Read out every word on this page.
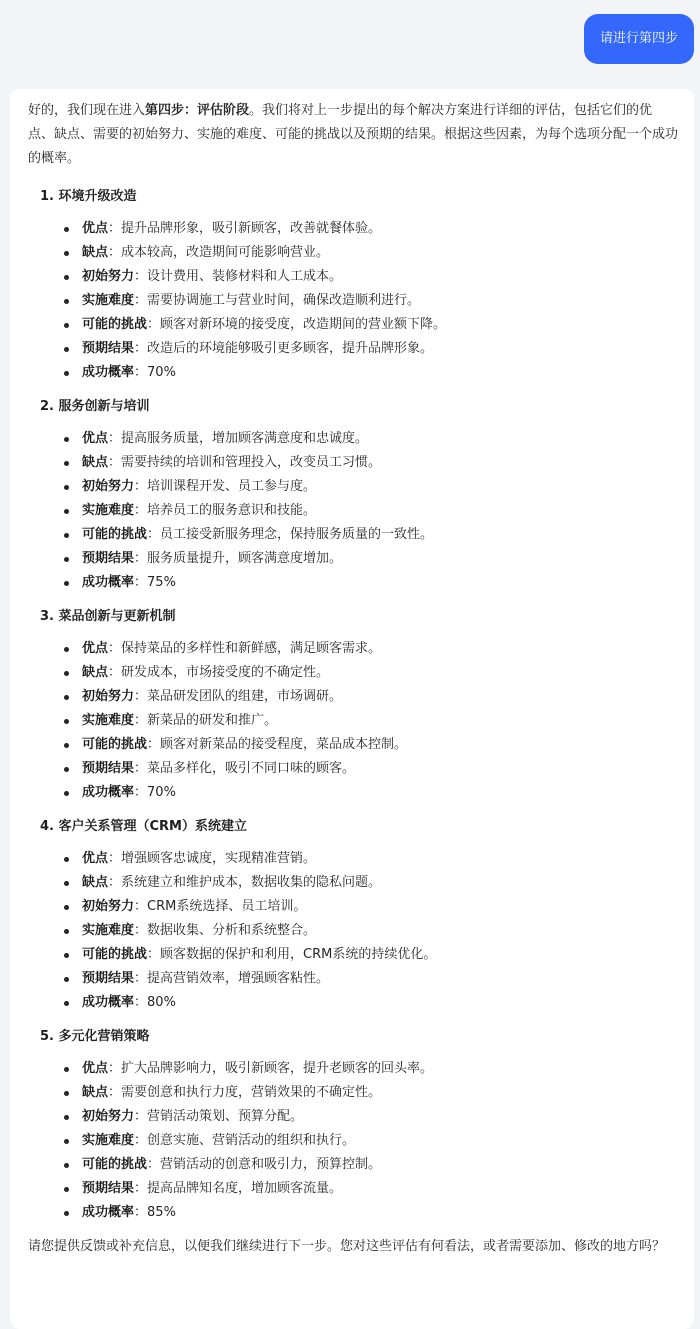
请进行第四步

好的，我们现在进入第四步：评估阶段。我们将对上一步提出的每个解决方案进行详细的评估，包括它们的优点、缺点、需要的初始努力、实施的难度、可能的挑战以及预期的结果。根据这些因素，为每个选项分配一个成功的概率。

1. 环境升级改造
优点：提升品牌形象，吸引新顾客，改善就餐体验。
缺点：成本较高，改造期间可能影响营业。
初始努力：设计费用、装修材料和人工成本。
实施难度：需要协调施工与营业时间，确保改造顺利进行。
可能的挑战：顾客对新环境的接受度，改造期间的营业额下降。
预期结果：改造后的环境能够吸引更多顾客，提升品牌形象。
成功概率：70%
2. 服务创新与培训
优点：提高服务质量，增加顾客满意度和忠诚度。
缺点：需要持续的培训和管理投入，改变员工习惯。
初始努力：培训课程开发、员工参与度。
实施难度：培养员工的服务意识和技能。
可能的挑战：员工接受新服务理念，保持服务质量的一致性。
预期结果：服务质量提升，顾客满意度增加。
成功概率：75%
3. 菜品创新与更新机制
优点：保持菜品的多样性和新鲜感，满足顾客需求。
缺点：研发成本，市场接受度的不确定性。
初始努力：菜品研发团队的组建，市场调研。
实施难度：新菜品的研发和推广。
可能的挑战：顾客对新菜品的接受程度，菜品成本控制。
预期结果：菜品多样化，吸引不同口味的顾客。
成功概率：70%
4. 客户关系管理（CRM）系统建立
优点：增强顾客忠诚度，实现精准营销。
缺点：系统建立和维护成本，数据收集的隐私问题。
初始努力：CRM系统选择、员工培训。
实施难度：数据收集、分析和系统整合。
可能的挑战：顾客数据的保护和利用，CRM系统的持续优化。
预期结果：提高营销效率，增强顾客粘性。
成功概率：80%
5. 多元化营销策略
优点：扩大品牌影响力，吸引新顾客，提升老顾客的回头率。
缺点：需要创意和执行力度，营销效果的不确定性。
初始努力：营销活动策划、预算分配。
实施难度：创意实施、营销活动的组织和执行。
可能的挑战：营销活动的创意和吸引力，预算控制。
预期结果：提高品牌知名度，增加顾客流量。
成功概率：85%

请您提供反馈或补充信息，以便我们继续进行下一步。您对这些评估有何看法，或者需要添加、修改的地方吗？
